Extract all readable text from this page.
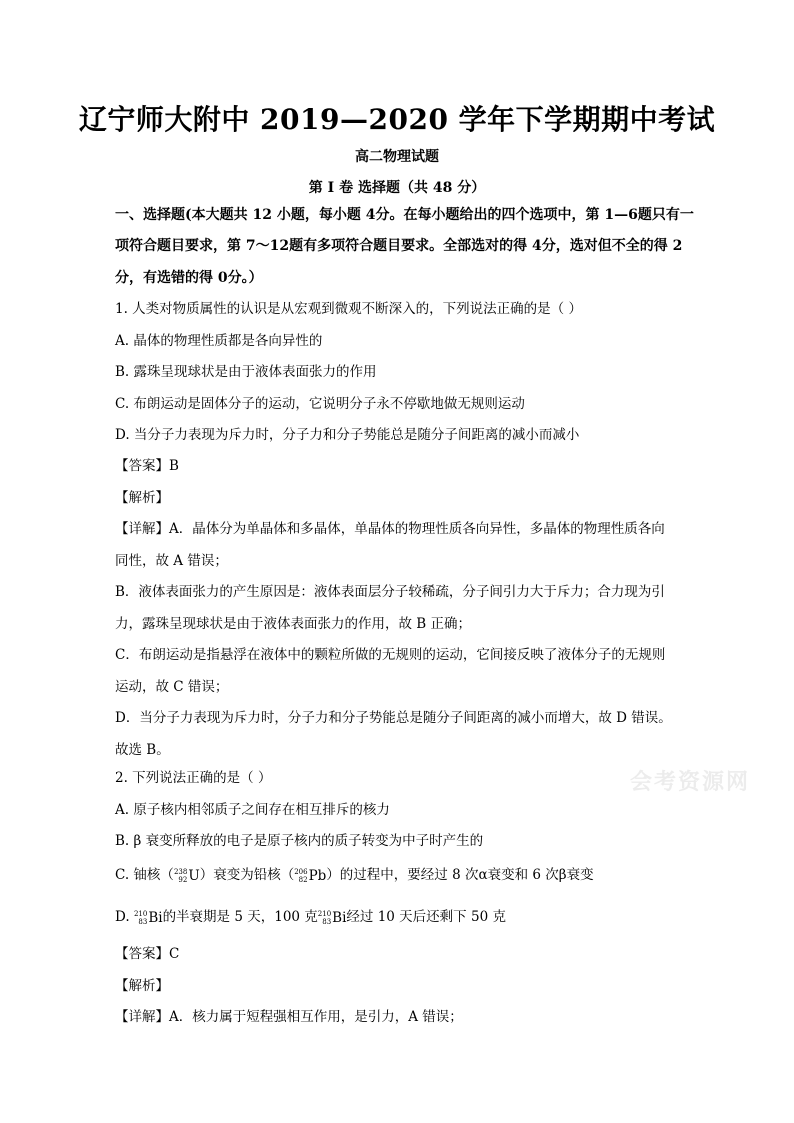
辽宁师大附中 2019—2020 学年下学期期中考试
高二物理试题
第 I 卷 选择题（共 48 分）
一、选择题(本大题共 12 小题，每小题 4分。在每小题给出的四个选项中，第 1—6题只有一
项符合题目要求，第 7～12题有多项符合题目要求。全部选对的得 4分，选对但不全的得 2
分，有选错的得 0分。）
1. 人类对物质属性的认识是从宏观到微观不断深入的，下列说法正确的是（ ）
A. 晶体的物理性质都是各向异性的
B. 露珠呈现球状是由于液体表面张力的作用
C. 布朗运动是固体分子的运动，它说明分子永不停歇地做无规则运动
D. 当分子力表现为斥力时，分子力和分子势能总是随分子间距离的减小而减小
【答案】B
【解析】
【详解】A．晶体分为单晶体和多晶体，单晶体的物理性质各向异性，多晶体的物理性质各向
同性，故 A 错误；
B．液体表面张力的产生原因是：液体表面层分子较稀疏，分子间引力大于斥力；合力现为引
力，露珠呈现球状是由于液体表面张力的作用，故 B 正确；
C．布朗运动是指悬浮在液体中的颗粒所做的无规则的运动，它间接反映了液体分子的无规则
运动，故 C 错误；
D．当分子力表现为斥力时，分子力和分子势能总是随分子间距离的减小而增大，故 D 错误。
故选 B。
2. 下列说法正确的是（ ）
A. 原子核内相邻质子之间存在相互排斥的核力
B. β 衰变所释放的电子是原子核内的质子转变为中子时产生的
C. 铀核（ 238
92 U）衰变为铅核（ 206
82 Pb）的过程中，要经过 8 次α衰变和 6 次β衰变
D. 210
83 Bi的半衰期是 5 天，100 克 210
83 Bi经过 10 天后还剩下 50 克
【答案】C
【解析】
【详解】A．核力属于短程强相互作用，是引力，A 错误；
会考资源网
